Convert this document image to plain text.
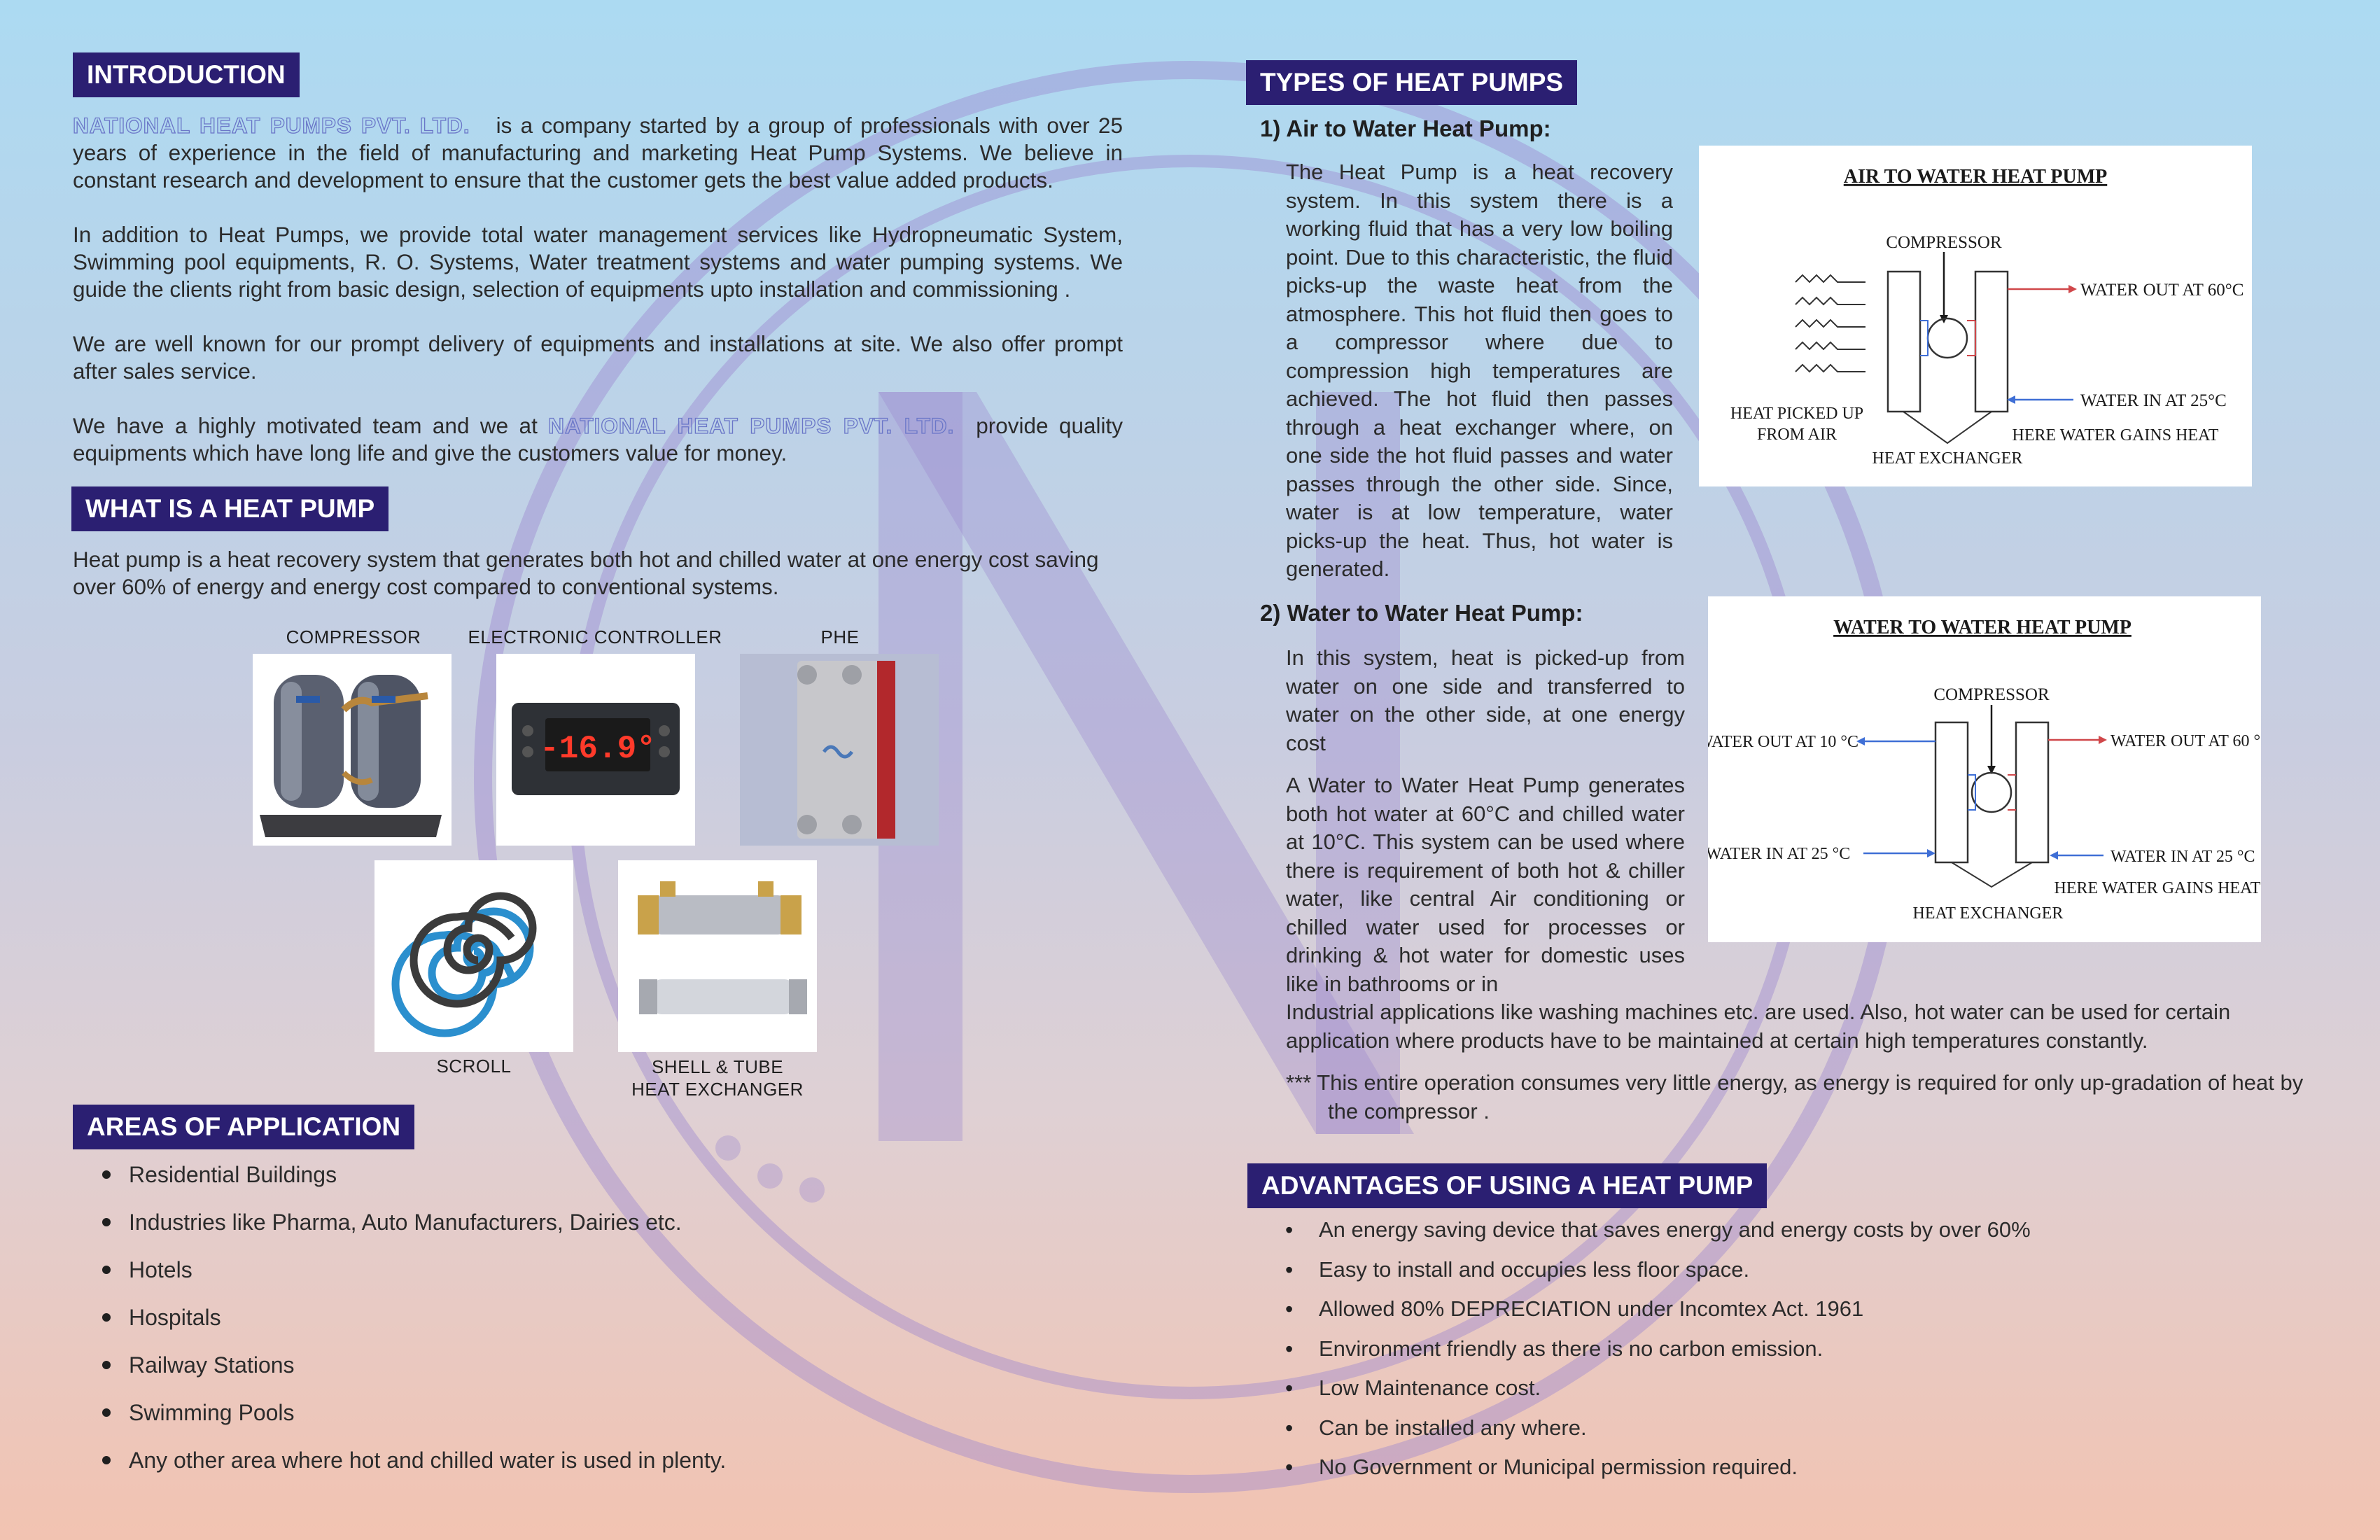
INTRODUCTION

NATIONAL HEAT PUMPS PVT. LTD. is a company started by a group of professionals with over 25 years of experience in the field of manufacturing and marketing Heat Pump Systems. We believe in constant research and development to ensure that the customer gets the best value added products.

In addition to Heat Pumps, we provide total water management services like Hydropneumatic System, Swimming pool equipments, R. O. Systems, Water treatment systems and water pumping systems. We guide the clients right from basic design, selection of equipments upto installation and commissioning .

We are well known for our prompt delivery of equipments and installations at site. We also offer prompt after sales service.

We have a highly motivated team and we at NATIONAL HEAT PUMPS PVT. LTD. provide quality equipments which have long life and give the customers value for money.

WHAT IS A HEAT PUMP
Heat pump is a heat recovery system that generates both hot and chilled water at one energy cost saving over 60% of energy and energy cost compared to conventional systems.
COMPRESSOR	ELECTRONIC CONTROLLER	PHE
-16.9°
SCROLL	SHELL & TUBE
HEAT EXCHANGER
AREAS OF APPLICATION
Residential Buildings
Industries like Pharma, Auto Manufacturers, Dairies etc.
Hotels
Hospitals
Railway Stations
Swimming Pools
Any other area where hot and chilled water is used in plenty.
TYPES OF HEAT PUMPS
1) Air to Water Heat Pump:
The Heat Pump is a heat recovery system. In this system there is a working fluid that has a very low boiling point. Due to this characteristic, the fluid picks-up the waste heat from the atmosphere. This hot fluid then goes to a compressor where due to compression high temperatures are achieved. The hot fluid then passes through a heat exchanger where, on one side the hot fluid passes and water passes through the other side. Since, water is at low temperature, water picks-up the heat. Thus, hot water is generated.
AIR TO WATER HEAT PUMP
COMPRESSOR
WATER OUT AT 60°C
WATER IN AT 25°C
HEAT PICKED UP
FROM AIR
HEAT EXCHANGER
HERE WATER GAINS HEAT
2) Water to Water Heat Pump:
In this system, heat is picked-up from water on one side and transferred to water on the other side, at one energy cost
A Water to Water Heat Pump generates both hot water at 60°C and chilled water at 10°C. This system can be used where there is requirement of both hot & chiller water, like central Air conditioning or chilled water used for processes or drinking & hot water for domestic uses like in bathrooms or in
Industrial applications like washing machines etc. are used. Also, hot water can be used for certain application where products have to be maintained at certain high temperatures constantly.
*** This entire operation consumes very little energy, as energy is required for only up-gradation of heat by the compressor .
WATER TO WATER HEAT PUMP
COMPRESSOR
WATER OUT AT 10 °C	WATER OUT AT 60 °C
WATER IN AT 25 °C	WATER IN AT 25 °C
HERE WATER GAINS HEAT
HEAT EXCHANGER
ADVANTAGES OF USING A HEAT PUMP
• An energy saving device that saves energy and energy costs by over 60%
• Easy to install and occupies less floor space.
• Allowed 80% DEPRECIATION under Incomtex Act. 1961
• Environment friendly as there is no carbon emission.
• Low Maintenance cost.
• Can be installed any where.
• No Government or Municipal permission required.
